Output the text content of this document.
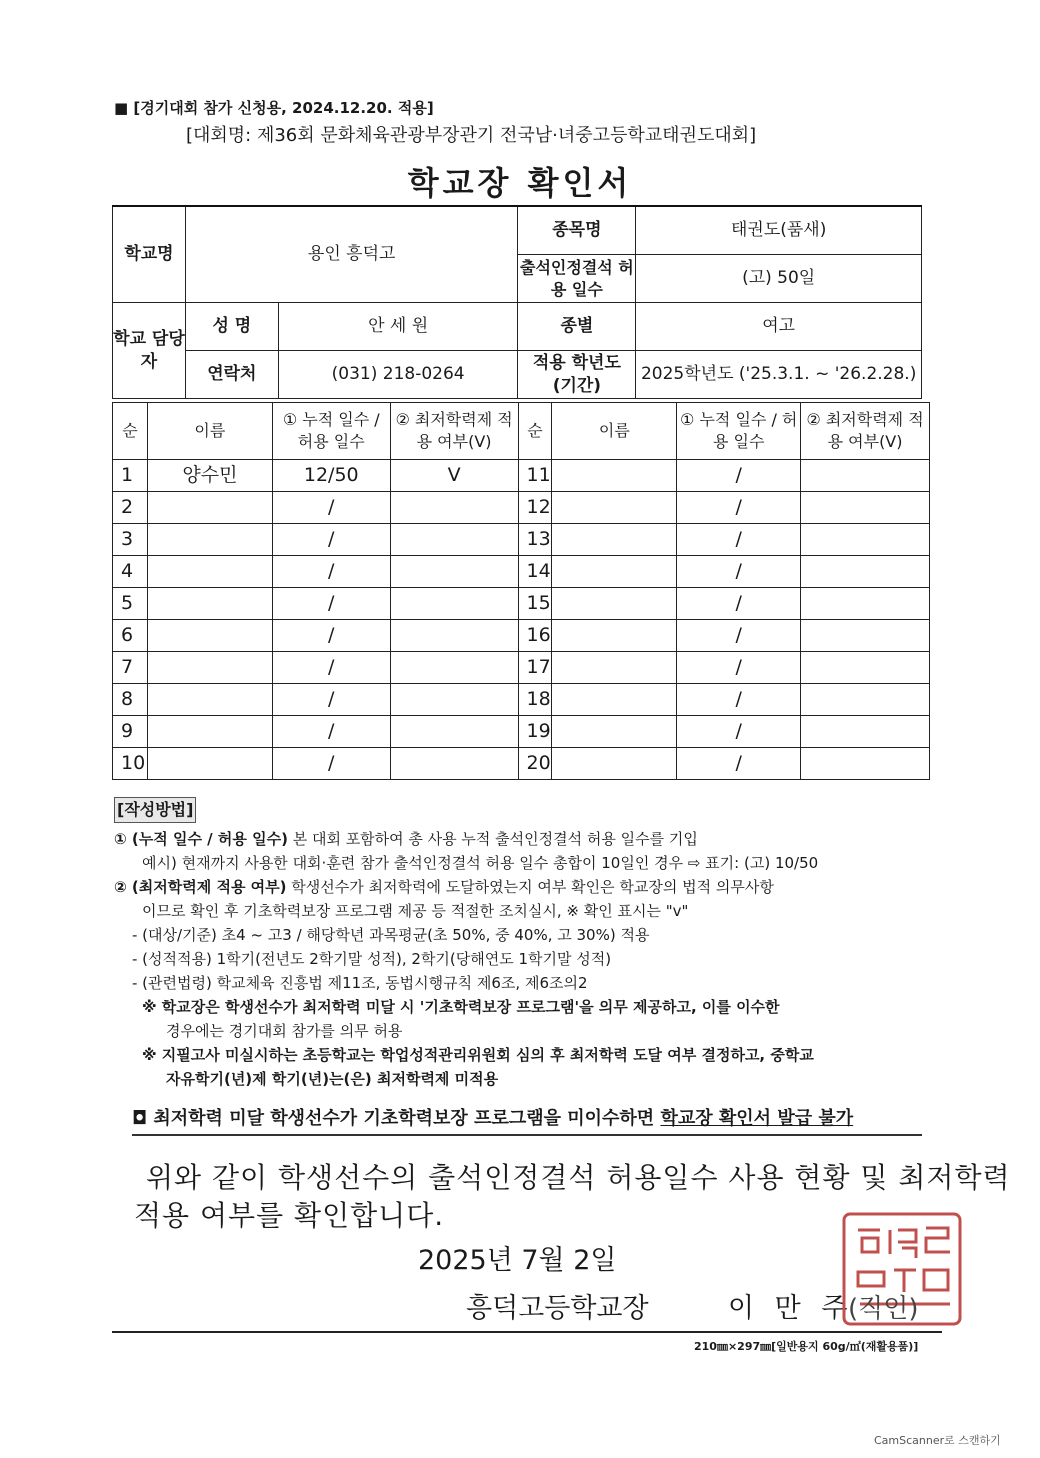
■ [경기대회 참가 신청용, 2024.12.20. 적용]
[대회명: 제36회 문화체육관광부장관기 전국남·녀중고등학교태권도대회]
학교장 확인서
학교명	용인 흥덕고		종목명	태권도(품새)
			출석인정결석 허용 일수	(고) 50일
학교 담당자	성 명	안 세 원	종별	여고
	연락처	(031) 218-0264	적용 학년도 (기간)	2025학년도 ('25.3.1. ~ '26.2.28.)
순	이름	① 누적 일수 / 허용 일수	② 최저학력제 적용 여부(V)	순	이름	① 누적 일수 / 허용 일수	② 최저학력제 적용 여부(V)
1	양수민	12/50	V	11		/	
2		/		12		/	
3		/		13		/	
4		/		14		/	
5		/		15		/	
6		/		16		/	
7		/		17		/	
8		/		18		/	
9		/		19		/	
10		/		20		/	
[작성방법]

① (누적 일수 / 허용 일수) 본 대회 포함하여 총 사용 누적 출석인정결석 허용 일수를 기입

예시) 현재까지 사용한 대회·훈련 참가 출석인정결석 허용 일수 총합이 10일인 경우 ⇨ 표기: (고) 10/50

② (최저학력제 적용 여부) 학생선수가 최저학력에 도달하였는지 여부 확인은 학교장의 법적 의무사항

이므로 확인 후 기초학력보장 프로그램 제공 등 적절한 조치실시, ※ 확인 표시는 "v"

- (대상/기준) 초4 ~ 고3 / 해당학년 과목평균(초 50%, 중 40%, 고 30%) 적용

- (성적적용) 1학기(전년도 2학기말 성적), 2학기(당해연도 1학기말 성적)

- (관련법령) 학교체육 진흥법 제11조, 동법시행규칙 제6조, 제6조의2

※ 학교장은 학생선수가 최저학력 미달 시 '기초학력보장 프로그램'을 의무 제공하고, 이를 이수한

경우에는 경기대회 참가를 의무 허용

※ 지필고사 미실시하는 초등학교는 학업성적관리위원회 심의 후 최저학력 도달 여부 결정하고, 중학교

자유학기(년)제 학기(년)는(은) 최저학력제 미적용

◘ 최저학력 미달 학생선수가 기초학력보장 프로그램을 미이수하면 학교장 확인서 발급 불가
위와 같이 학생선수의 출석인정결석 허용일수 사용 현황 및 최저학력
적용 여부를 확인합니다.
2025년 7월 2일
흥덕고등학교장	이 만 주
(직인)
210㎜×297㎜[일반용지 60g/㎡(재활용품)]
CamScanner로 스캔하기
